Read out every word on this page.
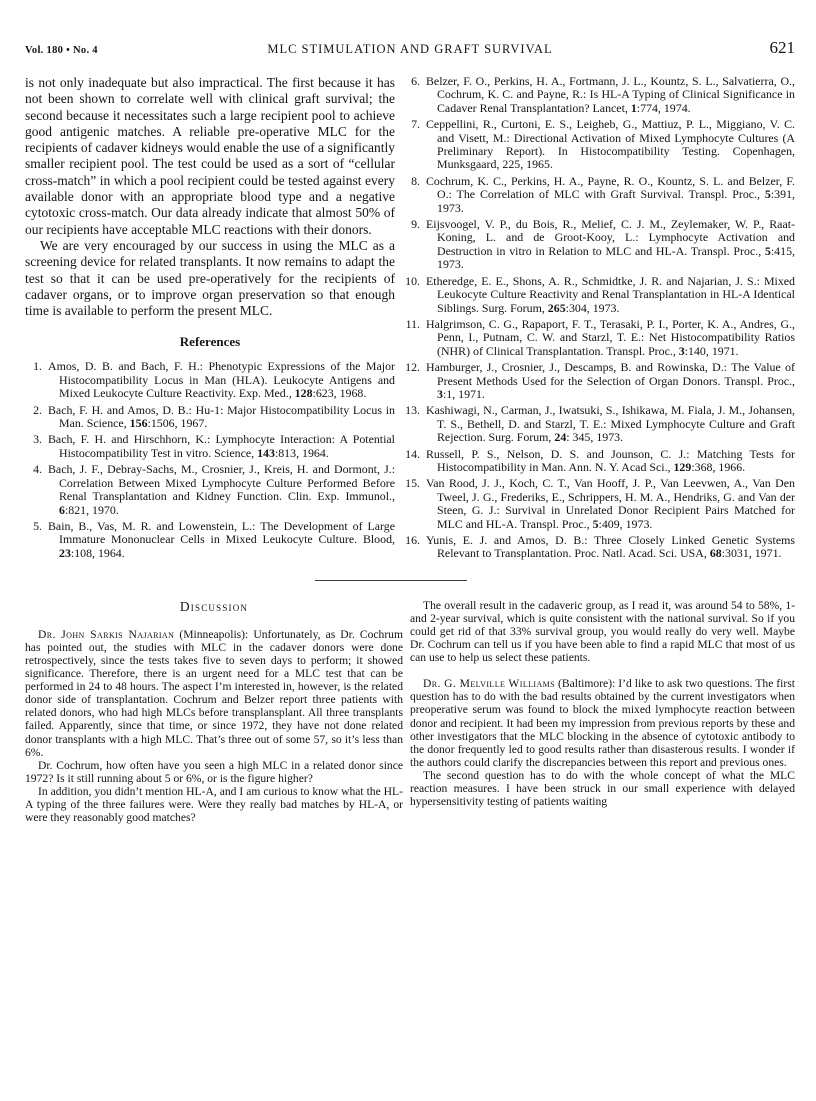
Vol. 180 • No. 4	MLC STIMULATION AND GRAFT SURVIVAL	621

is not only inadequate but also impractical. The first because it has not been shown to correlate well with clinical graft survival; the second because it necessitates such a large recipient pool to achieve good antigenic matches. A reliable pre-operative MLC for the recipients of cadaver kidneys would enable the use of a significantly smaller recipient pool. The test could be used as a sort of “cellular cross-match” in which a pool recipient could be tested against every available donor with an appropriate blood type and a negative cytotoxic cross-match. Our data already indicate that almost 50% of our recipients have acceptable MLC reactions with their donors.

We are very encouraged by our success in using the MLC as a screening device for related transplants. It now remains to adapt the test so that it can be used pre-operatively for the recipients of cadaver organs, or to improve organ preservation so that enough time is available to perform the present MLC.

References

1. Amos, D. B. and Bach, F. H.: Phenotypic Expressions of the Major Histocompatibility Locus in Man (HLA). Leukocyte Antigens and Mixed Leukocyte Culture Reactivity. Exp. Med., 128:623, 1968.

2. Bach, F. H. and Amos, D. B.: Hu-1: Major Histocompatibility Locus in Man. Science, 156:1506, 1967.

3. Bach, F. H. and Hirschhorn, K.: Lymphocyte Interaction: A Potential Histocompatibility Test in vitro. Science, 143:813, 1964.

4. Bach, J. F., Debray-Sachs, M., Crosnier, J., Kreis, H. and Dormont, J.: Correlation Between Mixed Lymphocyte Culture Performed Before Renal Transplantation and Kidney Function. Clin. Exp. Immunol., 6:821, 1970.

5. Bain, B., Vas, M. R. and Lowenstein, L.: The Development of Large Immature Mononuclear Cells in Mixed Leukocyte Culture. Blood, 23:108, 1964.

6. Belzer, F. O., Perkins, H. A., Fortmann, J. L., Kountz, S. L., Salvatierra, O., Cochrum, K. C. and Payne, R.: Is HL-A Typing of Clinical Significance in Cadaver Renal Transplantation? Lancet, 1:774, 1974.

7. Ceppellini, R., Curtoni, E. S., Leigheb, G., Mattiuz, P. L., Miggiano, V. C. and Visett, M.: Directional Activation of Mixed Lymphocyte Cultures (A Preliminary Report). In Histocompatibility Testing. Copenhagen, Munksgaard, 225, 1965.

8. Cochrum, K. C., Perkins, H. A., Payne, R. O., Kountz, S. L. and Belzer, F. O.: The Correlation of MLC with Graft Survival. Transpl. Proc., 5:391, 1973.

9. Eijsvoogel, V. P., du Bois, R., Melief, C. J. M., Zeylemaker, W. P., Raat-Koning, L. and de Groot-Kooy, L.: Lymphocyte Activation and Destruction in vitro in Relation to MLC and HL-A. Transpl. Proc., 5:415, 1973.

10. Etheredge, E. E., Shons, A. R., Schmidtke, J. R. and Najarian, J. S.: Mixed Leukocyte Culture Reactivity and Renal Transplantation in HL-A Identical Siblings. Surg. Forum, 265:304, 1973.

11. Halgrimson, C. G., Rapaport, F. T., Terasaki, P. I., Porter, K. A., Andres, G., Penn, I., Putnam, C. W. and Starzl, T. E.: Net Histocompatibility Ratios (NHR) of Clinical Transplantation. Transpl. Proc., 3:140, 1971.

12. Hamburger, J., Crosnier, J., Descamps, B. and Rowinska, D.: The Value of Present Methods Used for the Selection of Organ Donors. Transpl. Proc., 3:1, 1971.

13. Kashiwagi, N., Carman, J., Iwatsuki, S., Ishikawa, M. Fiala, J. M., Johansen, T. S., Bethell, D. and Starzl, T. E.: Mixed Lymphocyte Culture and Graft Rejection. Surg. Forum, 24: 345, 1973.

14. Russell, P. S., Nelson, D. S. and Jounson, C. J.: Matching Tests for Histocompatibility in Man. Ann. N. Y. Acad Sci., 129:368, 1966.

15. Van Rood, J. J., Koch, C. T., Van Hooff, J. P., Van Leevwen, A., Van Den Tweel, J. G., Frederiks, E., Schrippers, H. M. A., Hendriks, G. and Van der Steen, G. J.: Survival in Unrelated Donor Recipient Pairs Matched for MLC and HL-A. Transpl. Proc., 5:409, 1973.

16. Yunis, E. J. and Amos, D. B.: Three Closely Linked Genetic Systems Relevant to Transplantation. Proc. Natl. Acad. Sci. USA, 68:3031, 1971.

Discussion

Dr. John Sarkis Najarian (Minneapolis): Unfortunately, as Dr. Cochrum has pointed out, the studies with MLC in the cadaver donors were done retrospectively, since the tests takes five to seven days to perform; it showed significance. Therefore, there is an urgent need for a MLC test that can be performed in 24 to 48 hours. The aspect I’m interested in, however, is the related donor side of transplantation. Cochrum and Belzer report three patients with related donors, who had high MLCs before transplansplant. All three transplants failed. Apparently, since that time, or since 1972, they have not done related donor transplants with a high MLC. That’s three out of some 57, so it’s less than 6%.

Dr. Cochrum, how often have you seen a high MLC in a related donor since 1972? Is it still running about 5 or 6%, or is the figure higher?

In addition, you didn’t mention HL-A, and I am curious to know what the HL-A typing of the three failures were. Were they really bad matches by HL-A, or were they reasonably good matches?

The overall result in the cadaveric group, as I read it, was around 54 to 58%, 1- and 2-year survival, which is quite consistent with the national survival. So if you could get rid of that 33% survival group, you would really do very well. Maybe Dr. Cochrum can tell us if you have been able to find a rapid MLC that most of us can use to help us select these patients.

Dr. G. Melville Williams (Baltimore): I’d like to ask two questions. The first question has to do with the bad results obtained by the current investigators when preoperative serum was found to block the mixed lymphocyte reaction between donor and recipient. It had been my impression from previous reports by these and other investigators that the MLC blocking in the absence of cytotoxic antibody to the donor frequently led to good results rather than disasterous results. I wonder if the authors could clarify the discrepancies between this report and previous ones.

The second question has to do with the whole concept of what the MLC reaction measures. I have been struck in our small experience with delayed hypersensitivity testing of patients waiting
